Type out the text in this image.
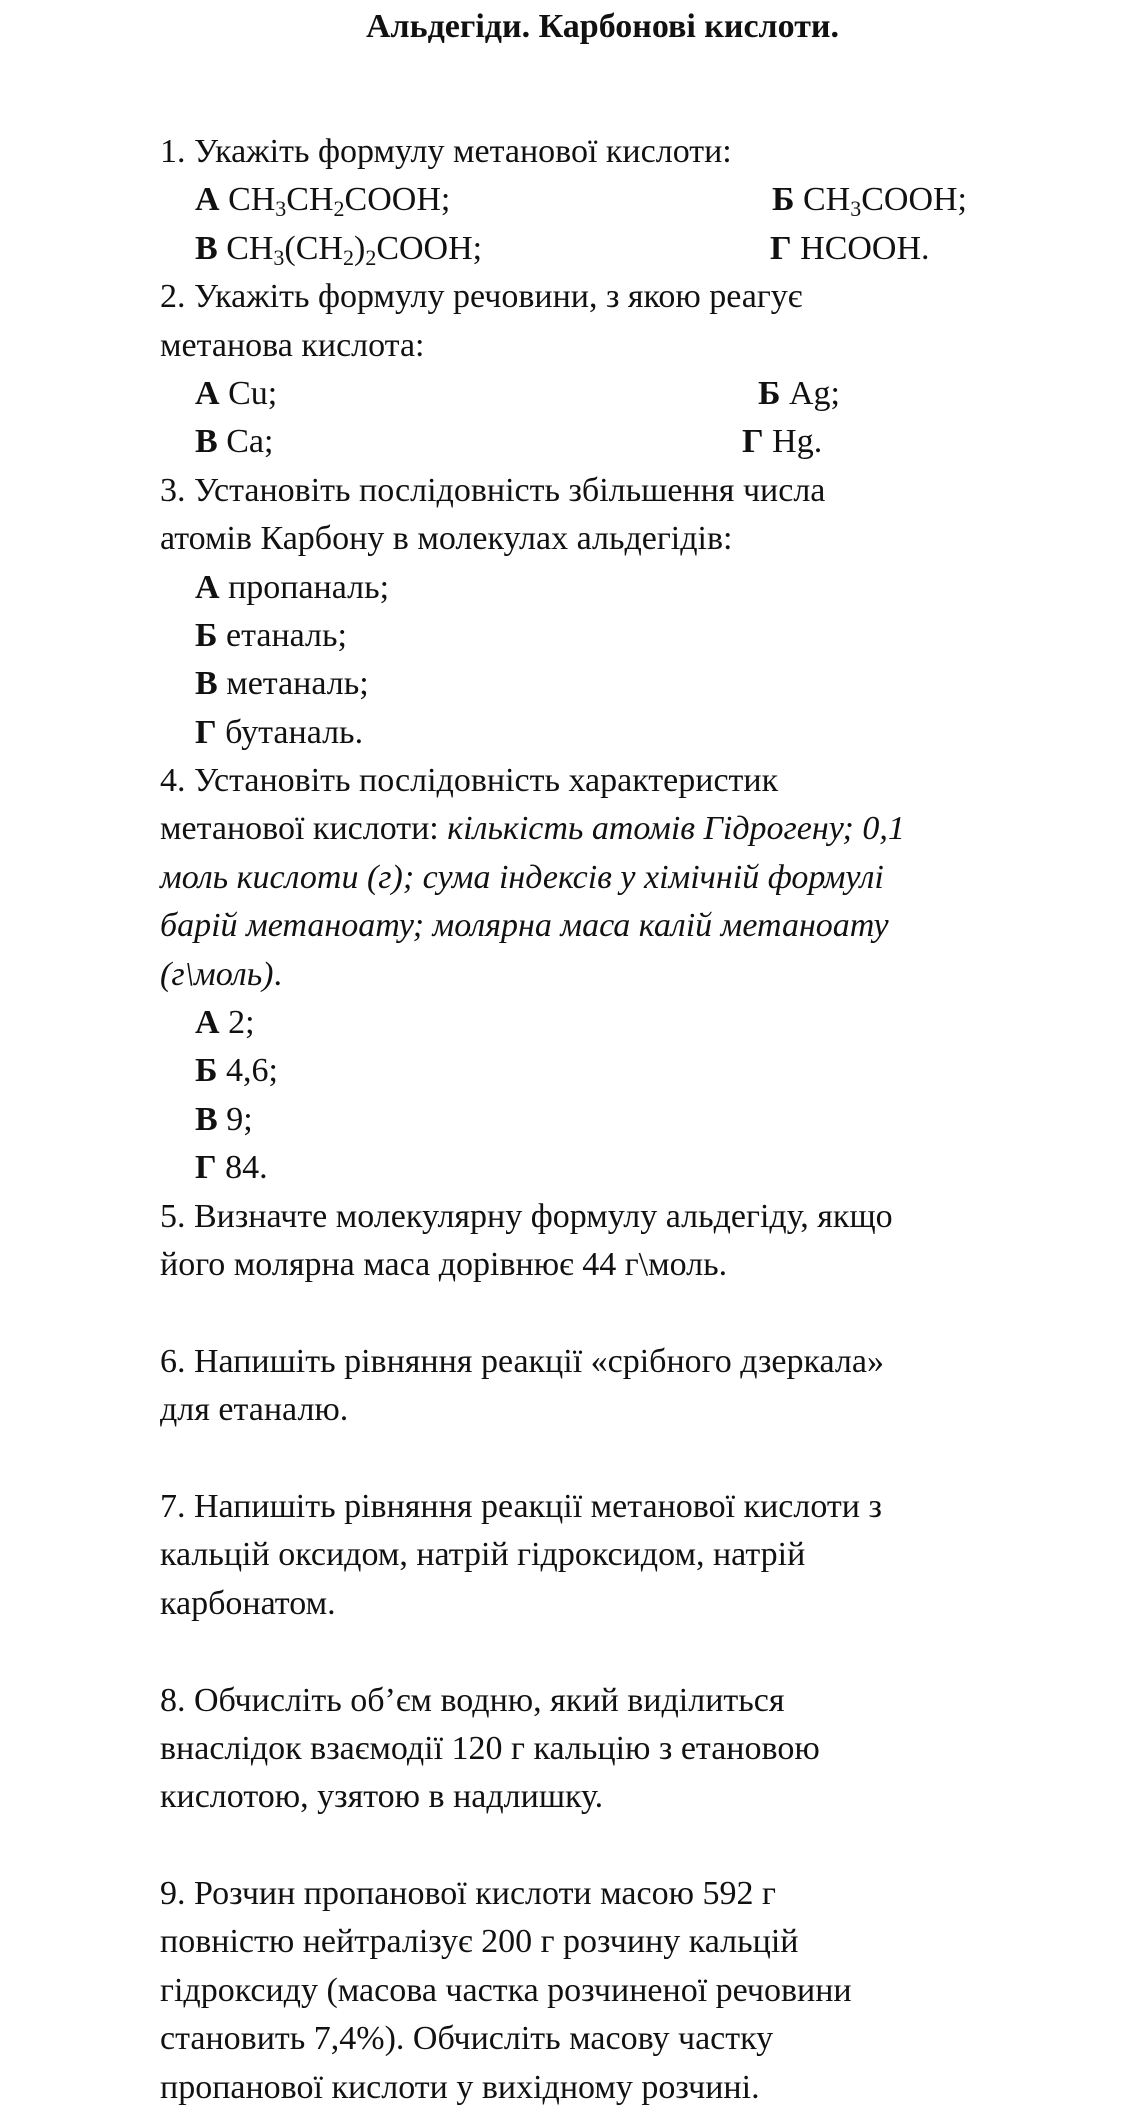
Альдегіди. Карбонові кислоти.

1. Укажіть формулу метанової кислоти:

А $CH_3CH_2COOH$;	Б $CH_3COOH$;
В $CH_3(CH_2)_2COOH$;	Г HCOOH.

2. Укажіть формулу речовини, з якою реагує

метанова кислота:

А Cu;	Б Ag;
В Ca;	Г Hg.

3. Установіть послідовність збільшення числа

атомів Карбону в молекулах альдегідів:

А пропаналь;

Б етаналь;

В метаналь;

Г бутаналь.

4. Установіть послідовність характеристик

метанової кислоти: кількість атомів Гідрогену; 0,1

моль кислоти (г); сума індексів у хімічній формулі

барій метаноату; молярна маса калій метаноату

(г\моль).

А 2;

Б 4,6;

В 9;

Г 84.

5. Визначте молекулярну формулу альдегіду, якщо

його молярна маса дорівнює 44 г\моль.

6. Напишіть рівняння реакції «срібного дзеркала»

для етаналю.

7. Напишіть рівняння реакції метанової кислоти з

кальцій оксидом, натрій гідроксидом, натрій

карбонатом.

8. Обчисліть об’єм водню, який виділиться

внаслідок взаємодії 120 г кальцію з етановою

кислотою, узятою в надлишку.

9. Розчин пропанової кислоти масою 592 г

повністю нейтралізує 200 г розчину кальцій

гідроксиду (масова частка розчиненої речовини

становить 7,4%). Обчисліть масову частку

пропанової кислоти у вихідному розчині.
